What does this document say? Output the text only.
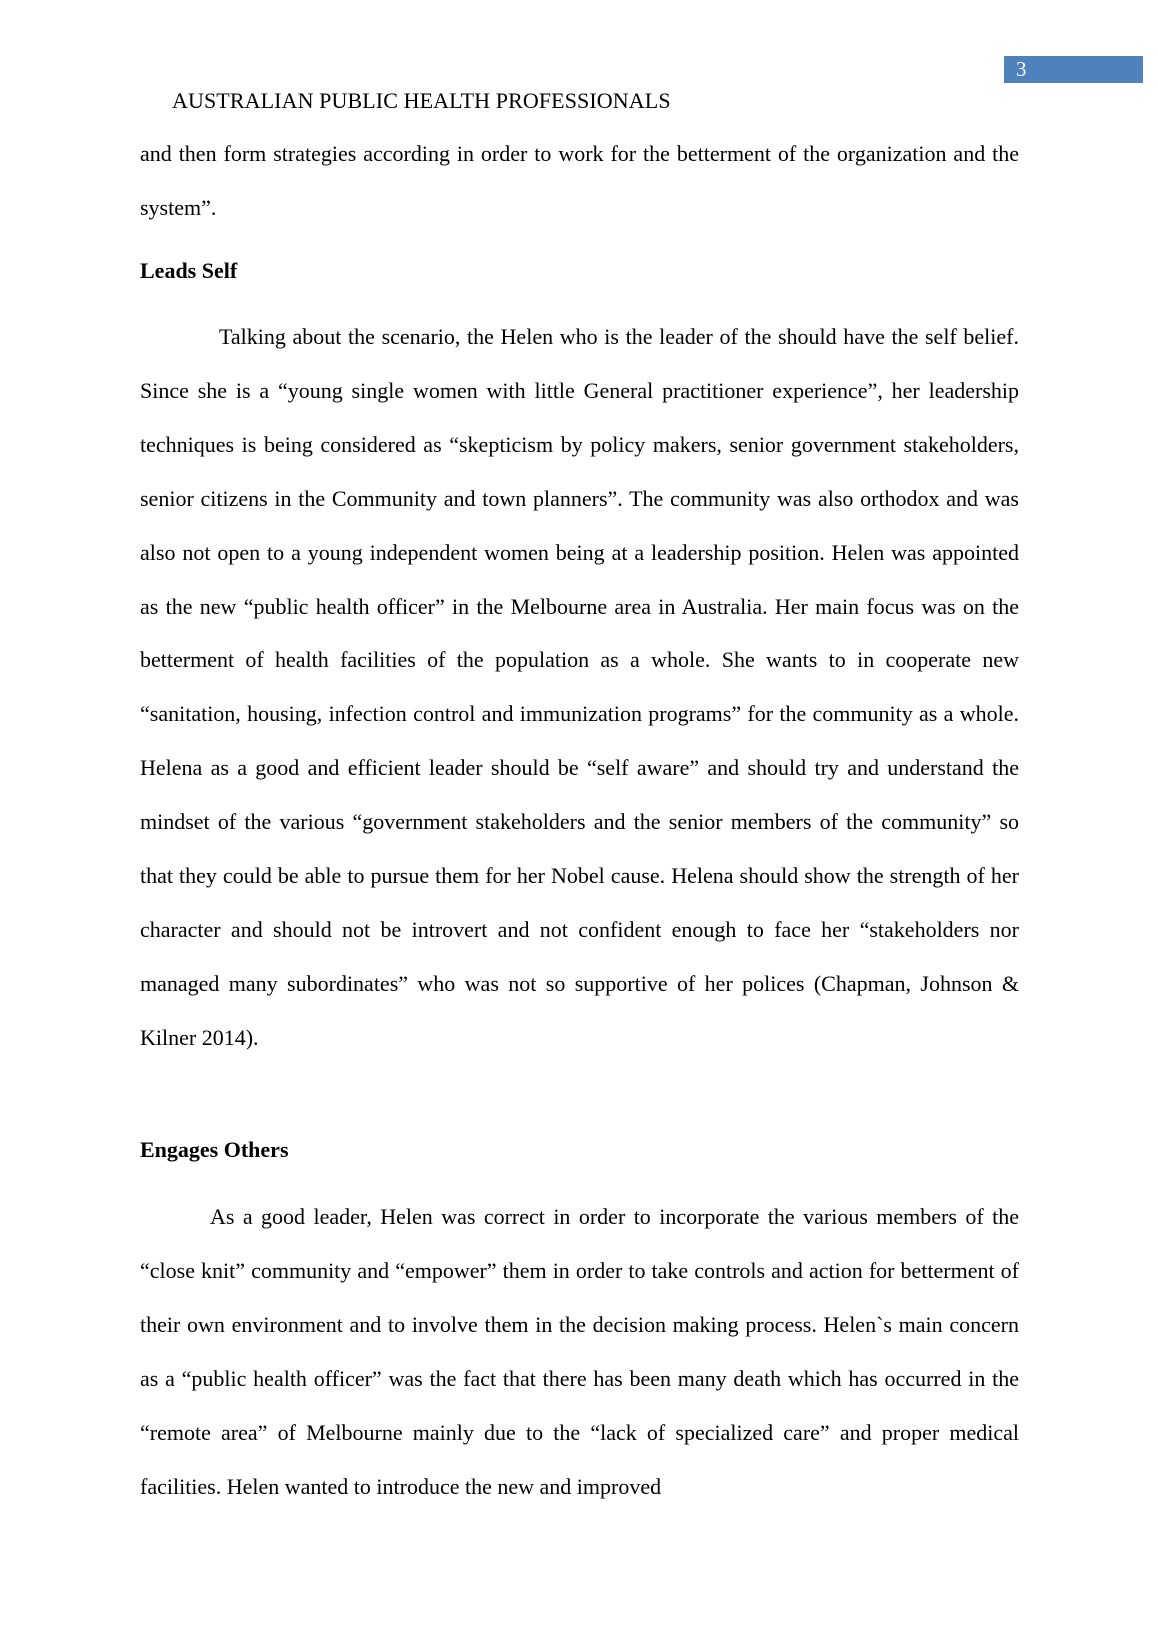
3
AUSTRALIAN PUBLIC HEALTH PROFESSIONALS

and then form strategies according in order to work for the betterment of the organization and the system”.

Leads Self

Talking about the scenario, the Helen who is the leader of the should have the self belief. Since she is a “young single women with little General practitioner experience”, her leadership techniques is being considered as “skepticism by policy makers, senior government stakeholders, senior citizens in the Community and town planners”. The community was also orthodox and was also not open to a young independent women being at a leadership position. Helen was appointed as the new “public health officer” in the Melbourne area in Australia. Her main focus was on the betterment of health facilities of the population as a whole. She wants to in cooperate new “sanitation, housing, infection control and immunization programs” for the community as a whole. Helena as a good and efficient leader should be “self aware” and should try and understand the mindset of the various “government stakeholders and the senior members of the community” so that they could be able to pursue them for her Nobel cause. Helena should show the strength of her character and should not be introvert and not confident enough to face her “stakeholders nor managed many subordinates” who was not so supportive of her polices (Chapman, Johnson & Kilner 2014).

Engages Others

As a good leader, Helen was correct in order to incorporate the various members of the “close knit” community and “empower” them in order to take controls and action for betterment of their own environment and to involve them in the decision making process. Helen`s main concern as a “public health officer” was the fact that there has been many death which has occurred in the “remote area” of Melbourne mainly due to the “lack of specialized care” and proper medical facilities. Helen wanted to introduce the new and improved
